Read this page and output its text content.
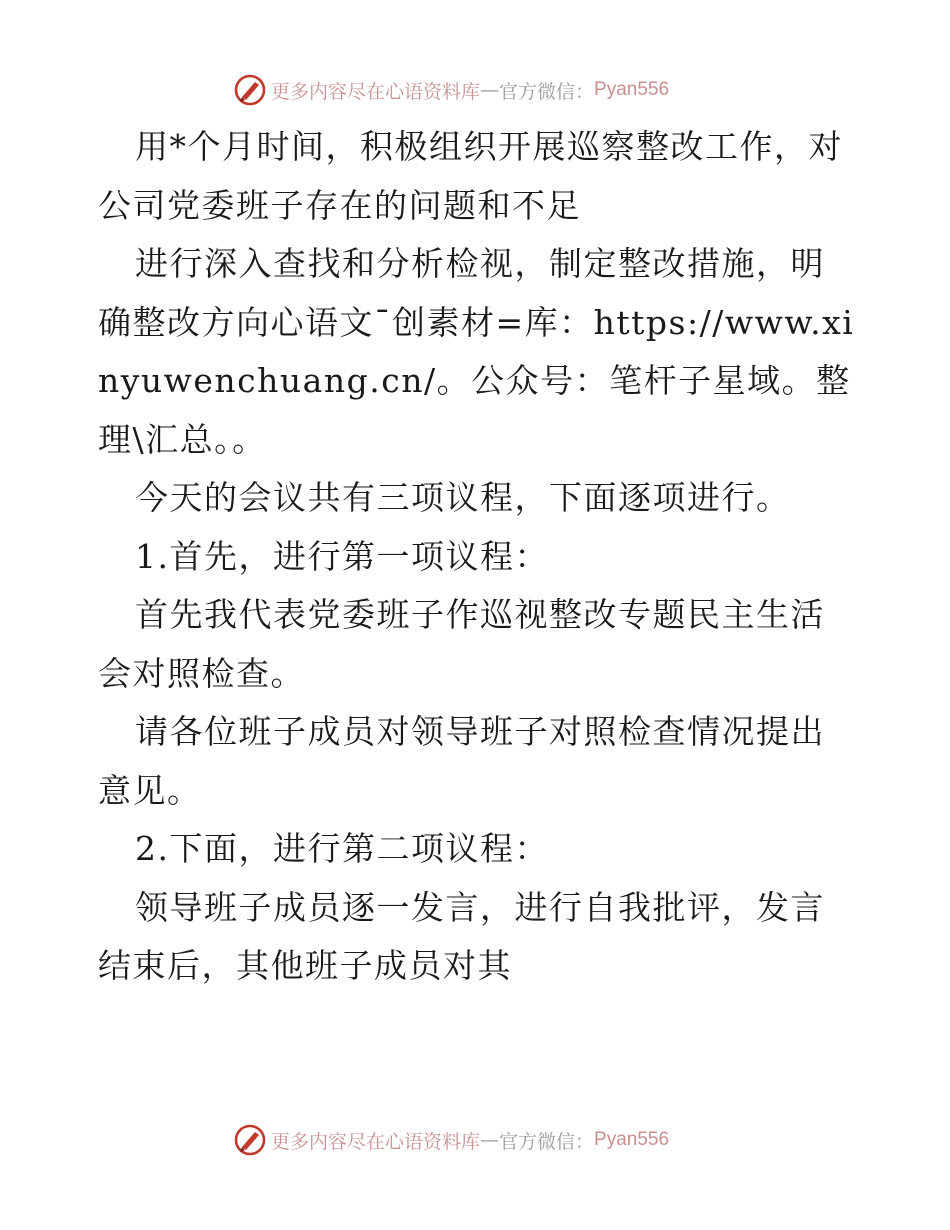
更多内容尽在心语资料库 — 官方微信： Pyan556

用*个月时间，积极组织开展巡察整改工作，对公司党委班子存在的问题和不足

进行深入查找和分析检视，制定整改措施，明确整改方向心语文¯创素材=库：https://www.xinyuwenchuang.cn/。公众号：笔杆子星域。整理\汇总。。

今天的会议共有三项议程，下面逐项进行。

1.首先，进行第一项议程：

首先我代表党委班子作巡视整改专题民主生活会对照检查。

请各位班子成员对领导班子对照检查情况提出意见。

2.下面，进行第二项议程：

领导班子成员逐一发言，进行自我批评，发言结束后，其他班子成员对其

更多内容尽在心语资料库 — 官方微信： Pyan556
